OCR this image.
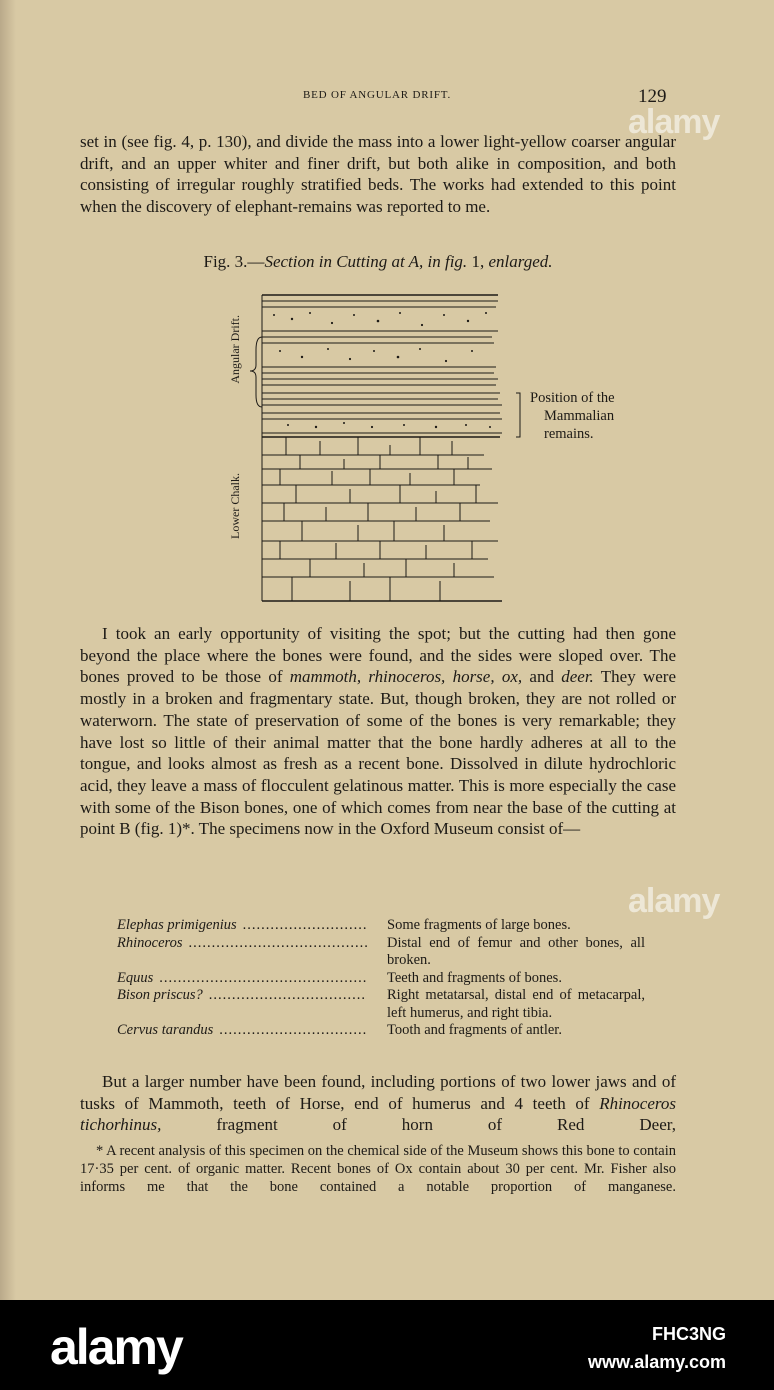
BED OF ANGULAR DRIFT.	129

set in (see fig. 4, p. 130), and divide the mass into a lower light-yellow coarser angular drift, and an upper whiter and finer drift, but both alike in composition, and both consisting of irregular roughly stratified beds. The works had extended to this point when the discovery of elephant-remains was reported to me.

Fig. 3.—Section in Cutting at A, in fig. 1, enlarged.
Angular Drift.
Lower Chalk.
Position of the
Mammalian
remains.

I took an early opportunity of visiting the spot; but the cutting had then gone beyond the place where the bones were found, and the sides were sloped over. The bones proved to be those of mammoth, rhinoceros, horse, ox, and deer. They were mostly in a broken and fragmentary state. But, though broken, they are not rolled or waterworn. The state of preservation of some of the bones is very remarkable; they have lost so little of their animal matter that the bone hardly adheres at all to the tongue, and looks almost as fresh as a recent bone. Dissolved in dilute hydrochloric acid, they leave a mass of flocculent gelatinous matter. This is more especially the case with some of the Bison bones, one of which comes from near the base of the cutting at point B (fig. 1)*. The specimens now in the Oxford Museum consist of—

Elephas primigenius .....	Some fragments of large bones.
Rhinoceros .....	Distal end of femur and other bones, all broken.
Equus .....	Teeth and fragments of bones.
Bison priscus? .....	Right metatarsal, distal end of metacarpal, left humerus, and right tibia.
Cervus tarandus .....	Tooth and fragments of antler.

But a larger number have been found, including portions of two lower jaws and of tusks of Mammoth, teeth of Horse, end of humerus and 4 teeth of Rhinoceros tichorhinus, fragment of horn of Red Deer,

* A recent analysis of this specimen on the chemical side of the Museum shows this bone to contain 17·35 per cent. of organic matter. Recent bones of Ox contain about 30 per cent. Mr. Fisher also informs me that the bone contained a notable proportion of manganese.

alamy
alamy
alamy	FHC3NG
www.alamy.com
